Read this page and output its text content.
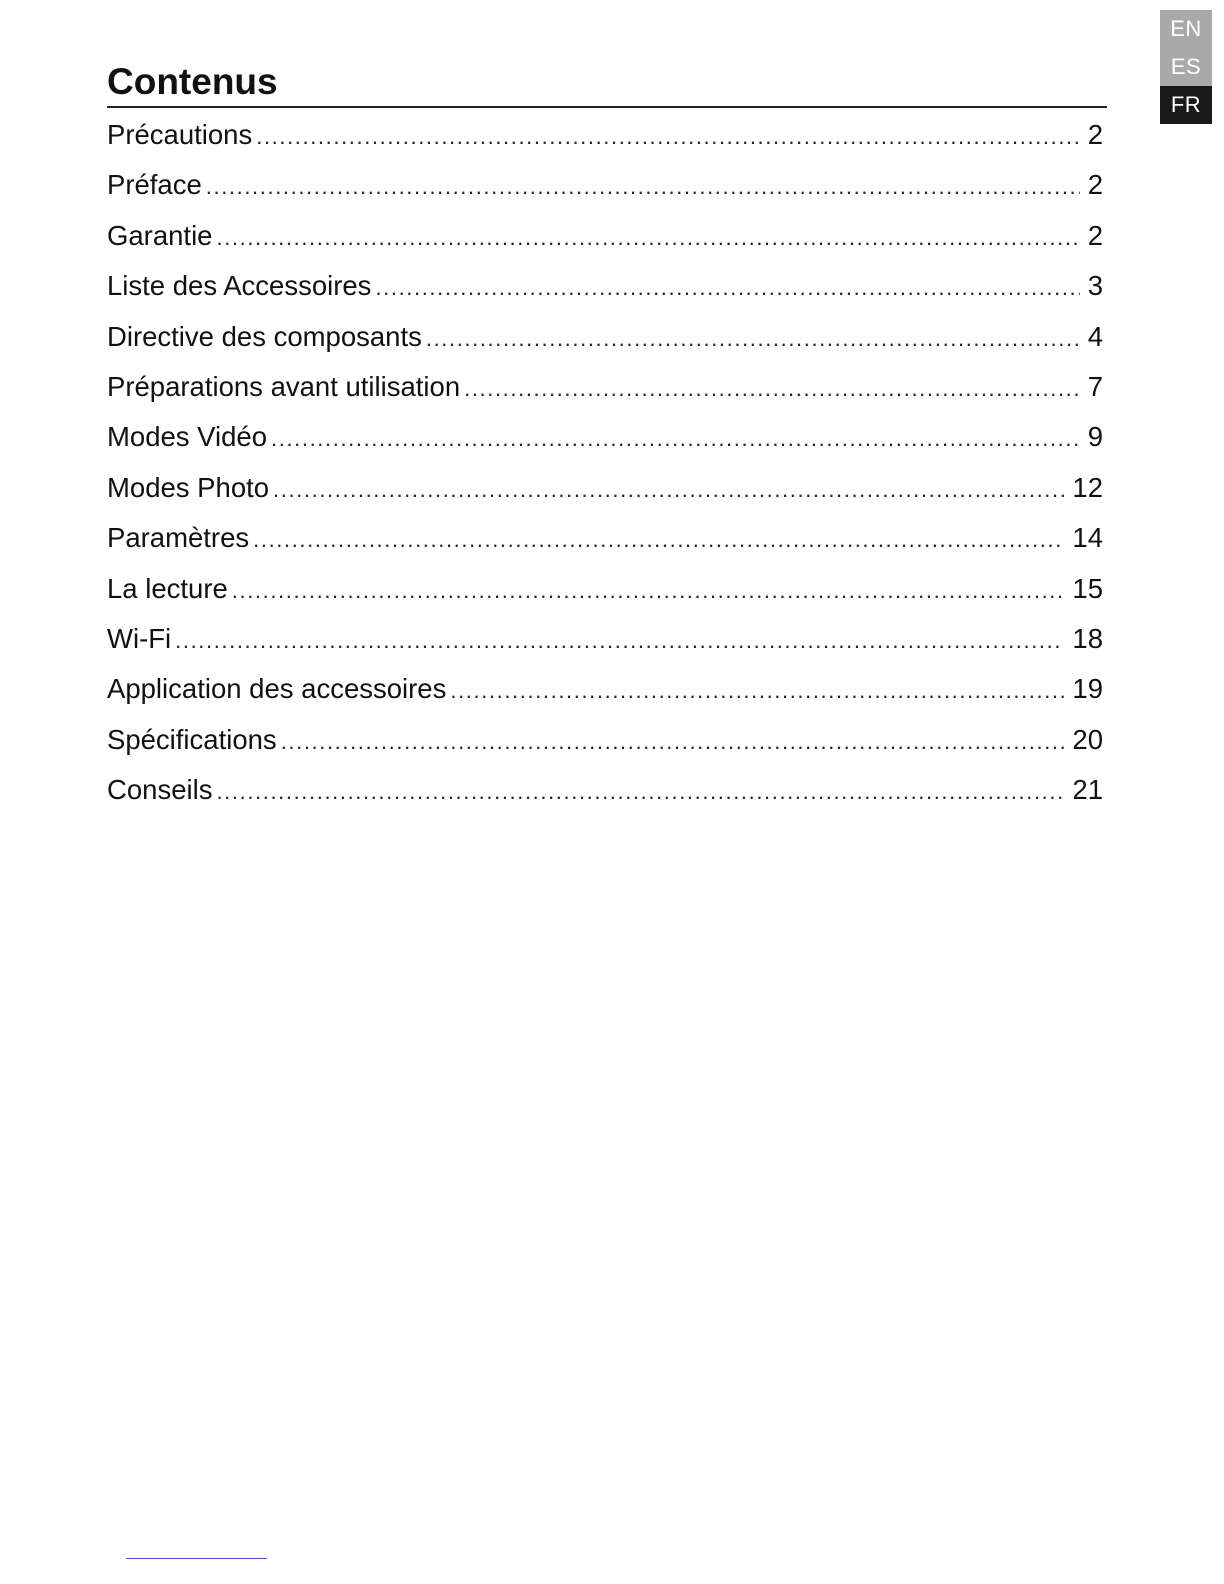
EN
ES
FR
Contenus
Précautions .....	2
Préface .....	2
Garantie .....	2
Liste des Accessoires .....	3
Directive des composants .....	4
Préparations avant utilisation .....	7
Modes Vidéo .....	9
Modes Photo .....	12
Paramètres .....	14
La lecture .....	15
Wi-Fi .....	18
Application des accessoires .....	19
Spécifications .....	20
Conseils .....	21
